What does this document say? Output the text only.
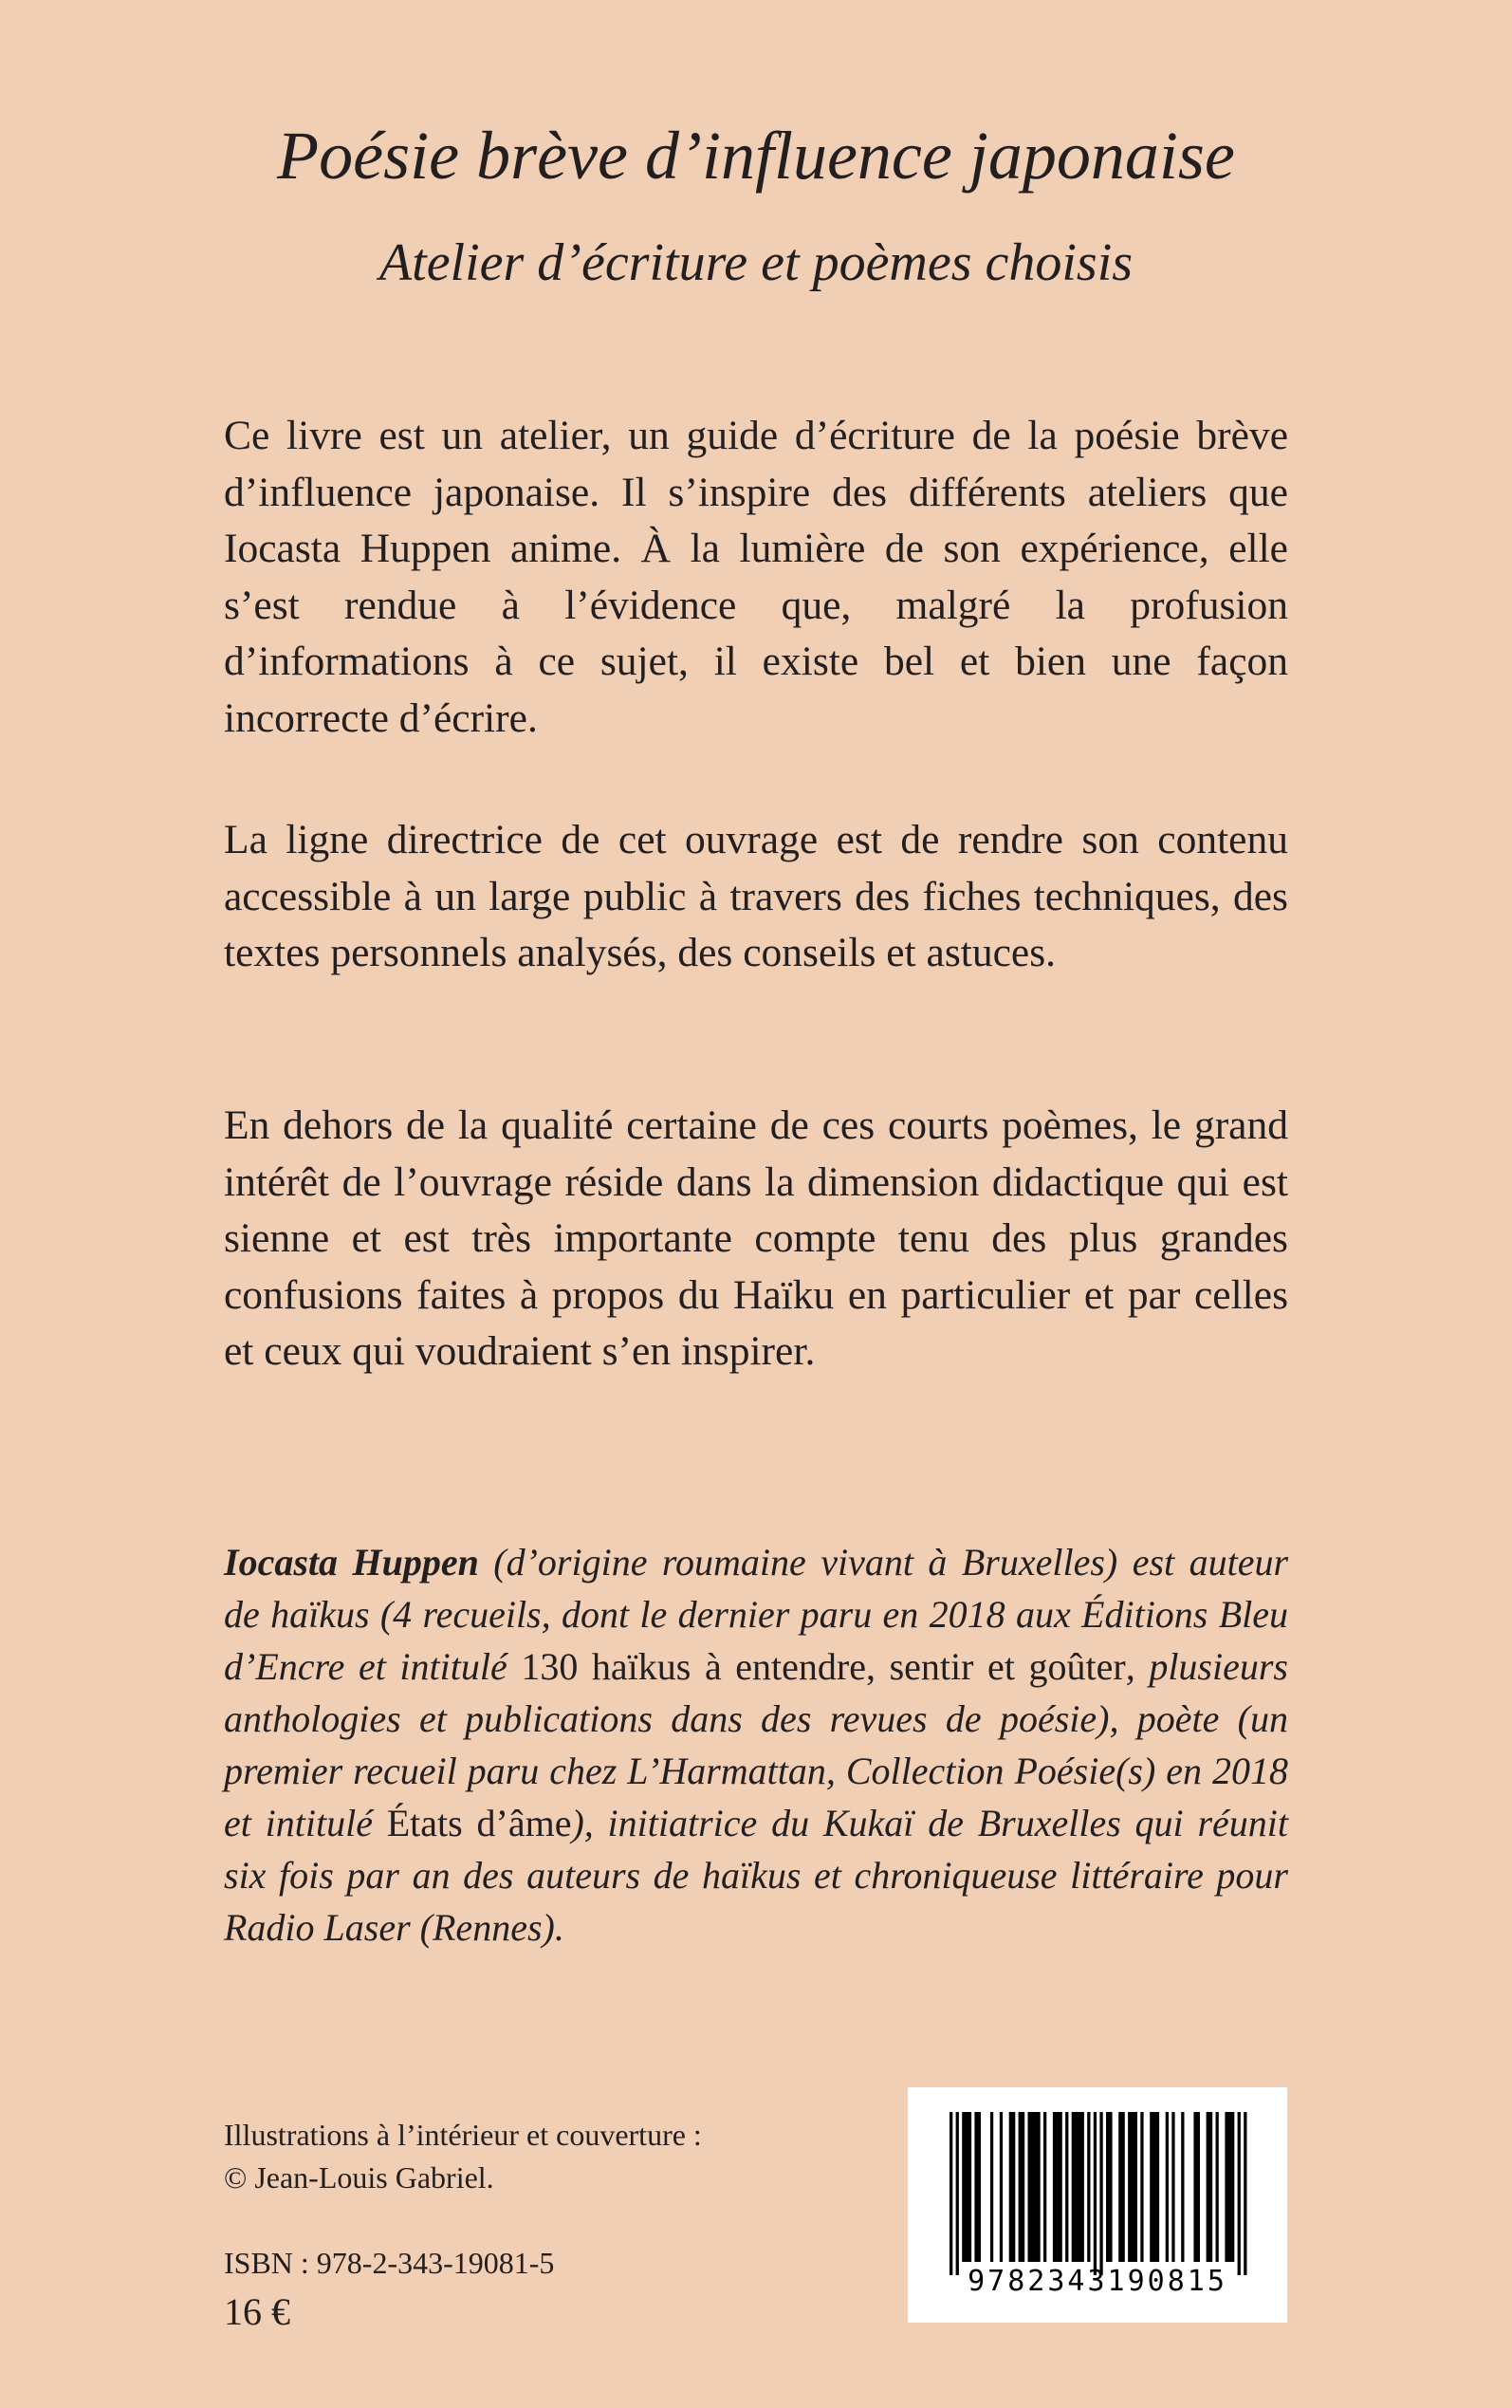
Poésie brève d’influence japonaise
Atelier d’écriture et poèmes choisis

Ce livre est un atelier, un guide d’écriture de la poésie brève d’influence japonaise. Il s’inspire des différents ateliers que Iocasta Huppen anime. À la lumière de son expérience, elle s’est rendue à l’évidence que, malgré la profusion d’informations à ce sujet, il existe bel et bien une façon incorrecte d’écrire.

La ligne directrice de cet ouvrage est de rendre son contenu accessible à un large public à travers des fiches techniques, des textes personnels analysés, des conseils et astuces.

En dehors de la qualité certaine de ces courts poèmes, le grand intérêt de l’ouvrage réside dans la dimension didactique qui est sienne et est très importante compte tenu des plus grandes confusions faites à propos du Haïku en particulier et par celles et ceux qui voudraient s’en inspirer.

Iocasta Huppen (d’origine roumaine vivant à Bruxelles) est auteur de haïkus (4 recueils, dont le dernier paru en 2018 aux Éditions Bleu d’Encre et intitulé 130 haïkus à entendre, sentir et goûter, plusieurs anthologies et publications dans des revues de poésie), poète (un premier recueil paru chez L’Harmattan, Collection Poésie(s) en 2018 et intitulé États d’âme), initiatrice du Kukaï de Bruxelles qui réunit six fois par an des auteurs de haïkus et chroniqueuse littéraire pour Radio Laser (Rennes).

Illustrations à l’intérieur et couverture :
© Jean-Louis Gabriel.
ISBN : 978-2-343-19081-5
16 €
9782343190815
